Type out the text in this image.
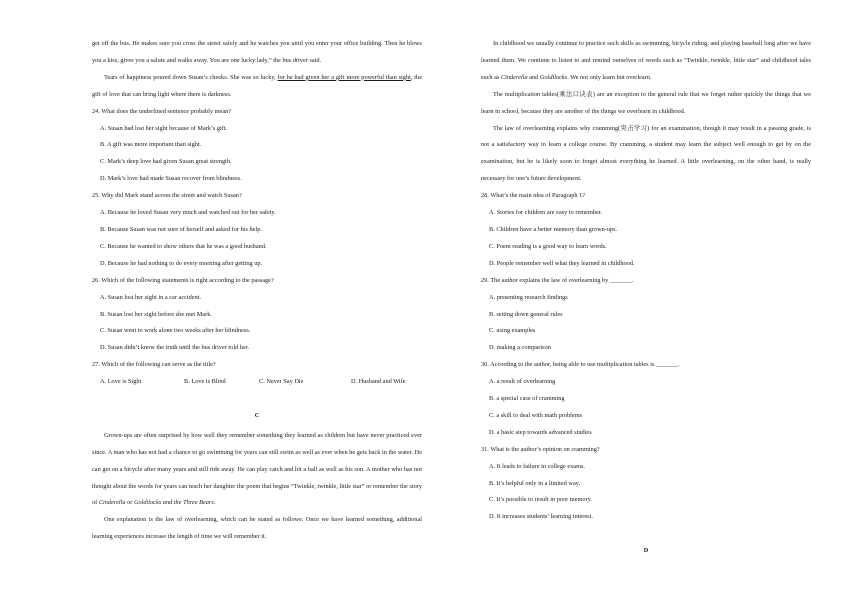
get off the bus. He makes sure you cross the street safely and he watches you until you enter your office building. Then he blows you a kiss, gives you a salute and walks away. You are one lucky lady,” the bus driver said.
Tears of happiness poured down Susan’s cheeks. She was so lucky, for he had given her a gift more powerful than sight, the gift of love that can bring light where there is darkness.
24. What does the underlined sentence probably mean?
A. Susan had lost her sight because of Mark’s gift.
B. A gift was more important than sight.
C. Mark’s deep love had given Susan great strength.
D. Mark’s love had made Susan recover from blindness.
25. Why did Mark stand across the street and watch Susan?
A. Because he loved Susan very much and watched out for her safety.
B. Because Susan was not sure of herself and asked for his help.
C. Because he wanted to show others that he was a good husband.
D. Because he had nothing to do every morning after getting up.
26. Which of the following statements is right according to the passage?
A. Susan lost her sight in a car accident.
B. Susan lost her sight before she met Mark.
C. Susan went to work alone two weeks after her blindness.
D. Susan didn’t know the truth until the bus driver told her.
27. Which of the following can serve as the title?
A. Love is Sight	B. Love is Blind	C. Never Say Die	D. Husband and Wife
C
Grown-ups are often surprised by how well they remember something they learned as children but have never practiced ever since. A man who has not had a chance to go swimming for years can still swim as well as ever when he gets back in the water. He can get on a bicycle after many years and still ride away. He can play catch and hit a ball as well as his son. A mother who has not thought about the words for years can teach her daughter the poem that begins “Twinkle, twinkle, little star” or remember the story of Cinderella or Goldilocks and the Three Bears.
One explanation is the law of overlearning, which can be stated as follows: Once we have learned something, additional learning experiences increase the length of time we will remember it.
In childhood we usually continue to practice such skills as swimming, bicycle riding, and playing baseball long after we have learned them. We continue to listen to and remind ourselves of words such as “Twinkle, twinkle, little star” and childhood tales such as Cinderella and Goldilocks. We not only learn but overlearn.
The multiplication tables(乘法口诀表) are an exception to the general rule that we forget rather quickly the things that we learn in school, because they are another of the things we overlearn in childhood.
The law of overlearning explains why cramming(突击学习) for an examination, though it may result in a passing grade, is not a satisfactory way to learn a college course. By cramming, a student may learn the subject well enough to get by on the examination, but he is likely soon to forget almost everything he learned. A little overlearning, on the other hand, is really necessary for one’s future development.
28. What’s the main idea of Paragraph 1?
A. Stories for children are easy to remember.
B. Children have a better memory than grown-ups.
C. Poem reading is a good way to learn words.
D. People remember well what they learned in childhood.
29. The author explains the law of overlearning by _______.
A. presenting research findings
B. setting down general rules
C. using examples
D. making a comparison
30. According to the author, being able to use multiplication tables is _______.
A. a result of overlearning
B. a special case of cramming
C. a skill to deal with math problems
D. a basic step towards advanced studies
31. What is the author’s opinion on cramming?
A. It leads to failure in college exams.
B. It’s helpful only in a limited way.
C. It’s possible to result in poor memory.
D. It increases students’ learning interest.
D
